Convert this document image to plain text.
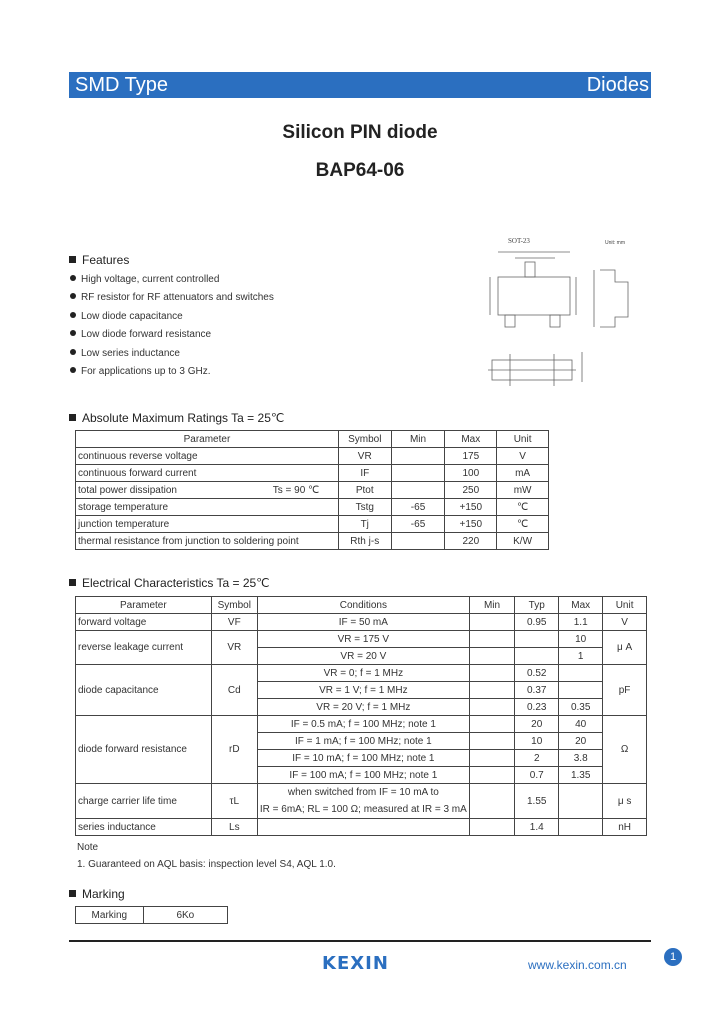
SMD Type	Diodes
Silicon PIN diode
BAP64-06
Features
High voltage, current controlled
RF resistor for RF attenuators and switches
Low diode capacitance
Low diode forward resistance
Low series inductance
For applications up to 3 GHz.
SOT-23	Unit: mm
Absolute Maximum Ratings Ta = 25℃
Parameter		Symbol	Min	Max	Unit
continuous reverse voltage		VR		175	V
continuous forward current		IF		100	mA
total power dissipation	Ts = 90 ℃	Ptot		250	mW
storage temperature		Tstg	-65	+150	℃
junction temperature		Tj	-65	+150	℃
thermal resistance from junction to soldering point		Rth j-s		220	K/W
Electrical Characteristics Ta = 25℃
Parameter	Symbol	Conditions	Min	Typ	Max	Unit
forward voltage	VF	IF = 50 mA		0.95	1.1	V
reverse leakage current	VR	VR = 175 V			10	μ A
		VR = 20 V			1	
diode capacitance	Cd	VR = 0; f = 1 MHz		0.52		pF
		VR = 1 V; f = 1 MHz		0.37		
		VR = 20 V; f = 1 MHz		0.23	0.35	
diode forward resistance	rD	IF = 0.5 mA; f = 100 MHz; note 1		20	40	Ω
		IF = 1 mA; f = 100 MHz; note 1		10	20	
		IF = 10 mA; f = 100 MHz; note 1		2	3.8	
		IF = 100 mA; f = 100 MHz; note 1		0.7	1.35	
charge carrier life time	τL	when switched from IF = 10 mA to
IR = 6mA; RL = 100 Ω; measured at IR = 3 mA		1.55		μ s
series inductance	Ls			1.4		nH
Note
1. Guaranteed on AQL basis: inspection level S4, AQL 1.0.
Marking
Marking	6Ko
KEXIN	www.kexin.com.cn
1
